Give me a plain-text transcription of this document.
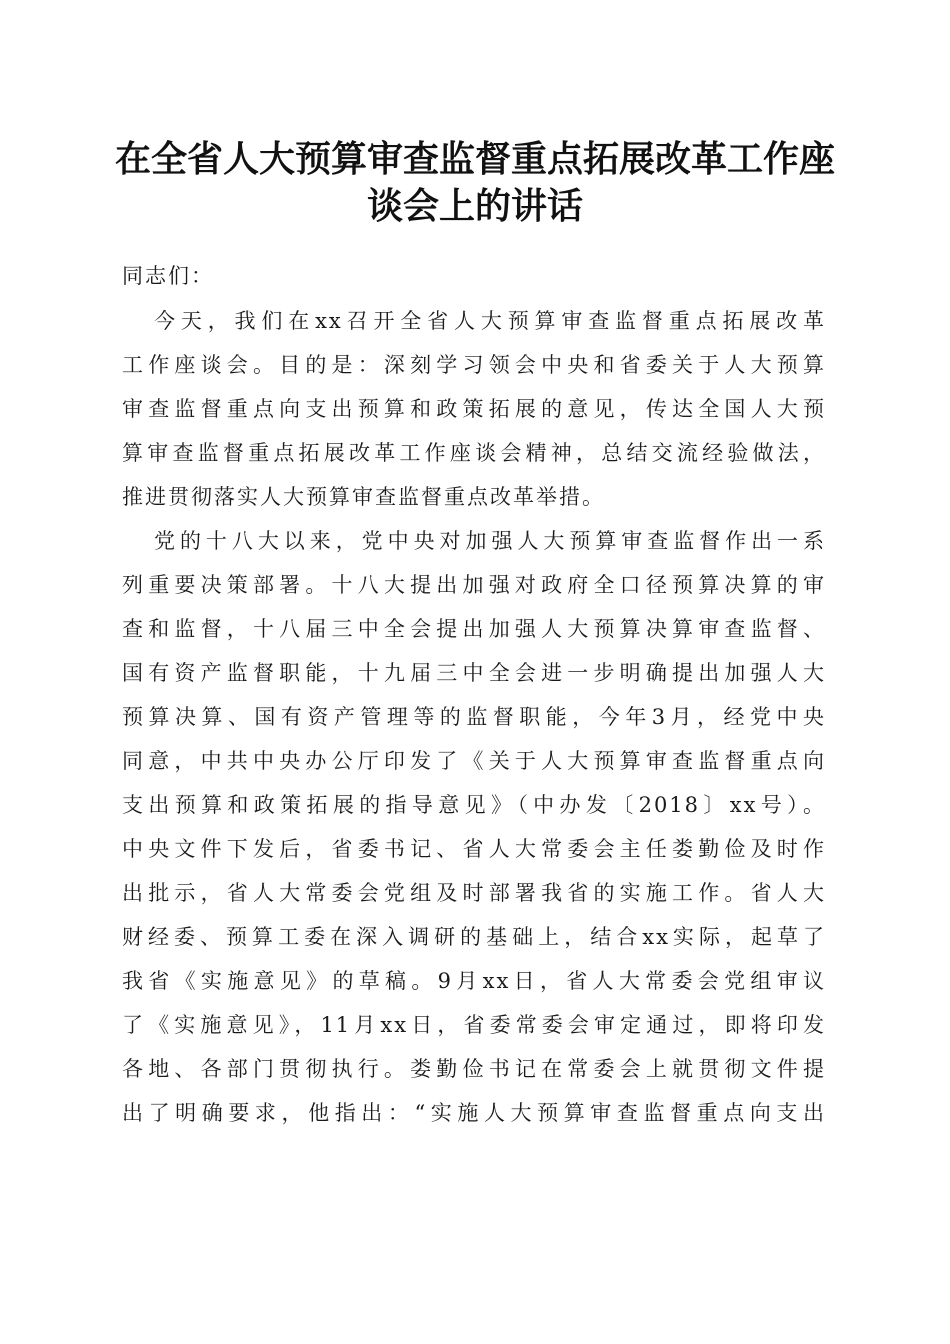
在全省人大预算审查监督重点拓展改革工作座
谈会上的讲话
同志们：
今天，我们在xx召开全省人大预算审查监督重点拓展改革
工作座谈会。目的是：深刻学习领会中央和省委关于人大预算
审查监督重点向支出预算和政策拓展的意见，传达全国人大预
算审查监督重点拓展改革工作座谈会精神，总结交流经验做法，
推进贯彻落实人大预算审查监督重点改革举措。
党的十八大以来，党中央对加强人大预算审查监督作出一系
列重要决策部署。十八大提出加强对政府全口径预算决算的审
查和监督，十八届三中全会提出加强人大预算决算审查监督、
国有资产监督职能，十九届三中全会进一步明确提出加强人大
预算决算、国有资产管理等的监督职能，今年3月，经党中央
同意，中共中央办公厅印发了《关于人大预算审查监督重点向
支出预算和政策拓展的指导意见》（中办发〔2018〕xx号）。
中央文件下发后，省委书记、省人大常委会主任娄勤俭及时作
出批示，省人大常委会党组及时部署我省的实施工作。省人大
财经委、预算工委在深入调研的基础上，结合xx实际，起草了
我省《实施意见》的草稿。9月xx日，省人大常委会党组审议
了《实施意见》，11月xx日，省委常委会审定通过，即将印发
各地、各部门贯彻执行。娄勤俭书记在常委会上就贯彻文件提
出了明确要求，他指出：“实施人大预算审查监督重点向支出
